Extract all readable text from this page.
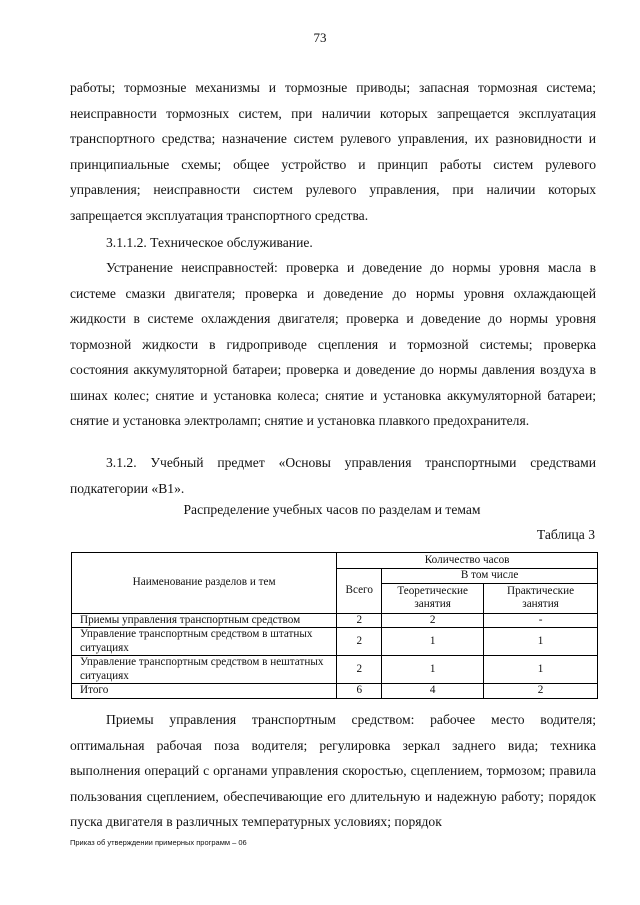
73

работы; тормозные механизмы и тормозные приводы; запасная тормозная система; неисправности тормозных систем, при наличии которых запрещается эксплуатация транспортного средства; назначение систем рулевого управления, их разновидности и принципиальные схемы; общее устройство и принцип работы систем рулевого управления; неисправности систем рулевого управления, при наличии которых запрещается эксплуатация транспортного средства.

3.1.1.2. Техническое обслуживание.

Устранение неисправностей: проверка и доведение до нормы уровня масла в системе смазки двигателя; проверка и доведение до нормы уровня охлаждающей жидкости в системе охлаждения двигателя; проверка и доведение до нормы уровня тормозной жидкости в гидроприводе сцепления и тормозной системы; проверка состояния аккумуляторной батареи; проверка и доведение до нормы давления воздуха в шинах колес; снятие и установка колеса; снятие и установка аккумуляторной батареи; снятие и установка электроламп; снятие и установка плавкого предохранителя.

3.1.2. Учебный предмет «Основы управления транспортными средствами подкатегории «В1».

Распределение учебных часов по разделам и темам
Таблица 3
Наименование разделов и тем	Количество часов		
	Всего	В том числе	
		Теоретические занятия	Практические занятия
Приемы управления транспортным средством	2	2	-
Управление транспортным средством в штатных ситуациях	2	1	1
Управление транспортным средством в нештатных ситуациях	2	1	1
Итого	6	4	2

Приемы управления транспортным средством: рабочее место водителя; оптимальная рабочая поза водителя; регулировка зеркал заднего вида; техника выполнения операций с органами управления скоростью, сцеплением, тормозом; правила пользования сцеплением, обеспечивающие его длительную и надежную работу; порядок пуска двигателя в различных температурных условиях; порядок

Приказ об утверждении примерных программ – 06
